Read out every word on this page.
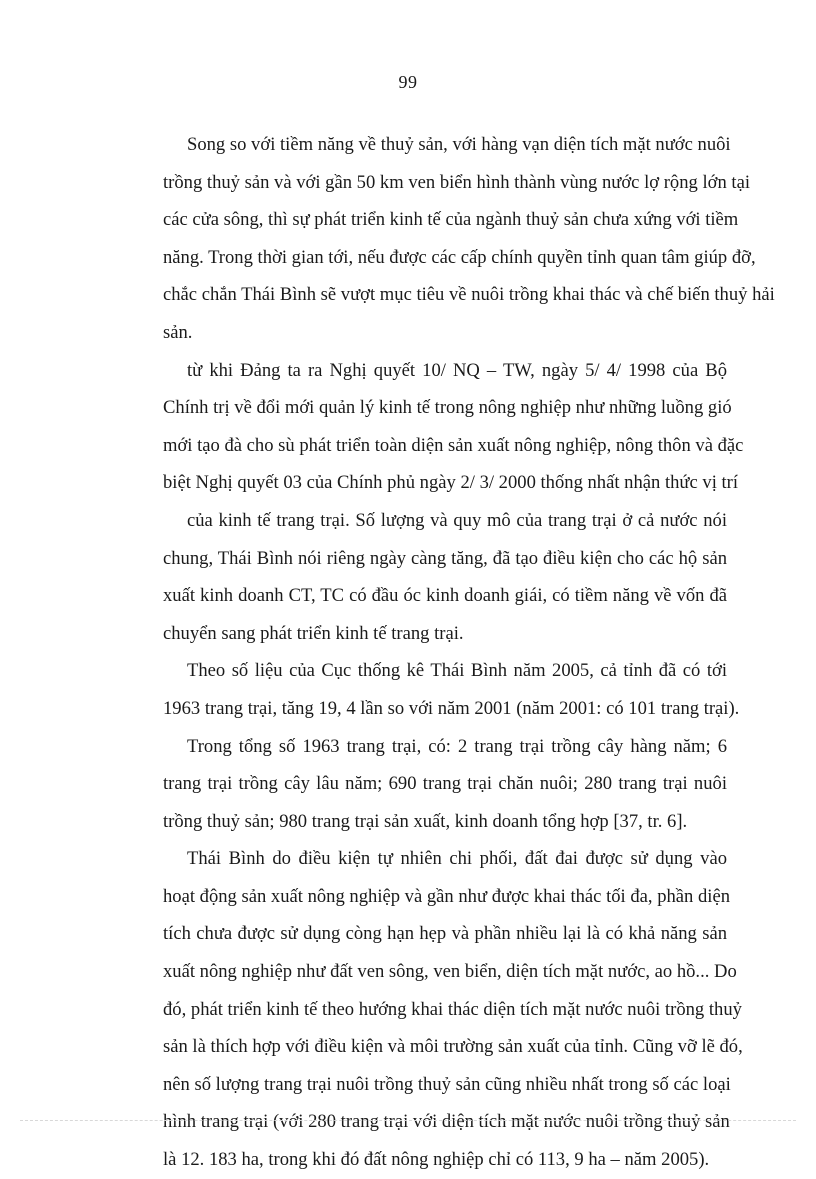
99
Song so với tiềm năng về thuỷ sản, với hàng vạn diện tích mặt nước nuôi
trồng thuỷ sản và với gần 50 km ven biển hình thành vùng nước lợ rộng lớn tại
các cửa sông, thì sự phát triển kinh tế của ngành thuỷ sản chưa xứng với tiềm
năng. Trong thời gian tới, nếu được các cấp chính quyền tỉnh quan tâm giúp đỡ,
chắc chắn Thái Bình sẽ vượt mục tiêu về nuôi trồng khai thác và chế biến thuỷ hải
sản.
từ khi Đảng ta ra Nghị quyết 10/ NQ – TW, ngày 5/ 4/ 1998 của Bộ
Chính trị về đổi mới quản lý kinh tế trong nông nghiệp như những luồng gió
mới tạo đà cho sù phát triển toàn diện sản xuất nông nghiệp, nông thôn và đặc
biệt Nghị quyết 03 của Chính phủ ngày 2/ 3/ 2000 thống nhất nhận thức vị trí
của kinh tế trang trại. Số lượng và quy mô của trang trại ở cả nước nói
chung, Thái Bình nói riêng ngày càng tăng, đã tạo điều kiện cho các hộ sản
xuất kinh doanh CT, TC có đầu óc kinh doanh giái, có tiềm năng về vốn đã
chuyển sang phát triển kinh tế trang trại.
Theo số liệu của Cục thống kê Thái Bình năm 2005, cả tỉnh đã có tới
1963 trang trại, tăng 19, 4 lần so với năm 2001 (năm 2001: có 101 trang trại).
Trong tổng số 1963 trang trại, có: 2 trang trại trồng cây hàng năm; 6
trang trại trồng cây lâu năm; 690 trang trại chăn nuôi; 280 trang trại nuôi
trồng thuỷ sản; 980 trang trại sản xuất, kinh doanh tổng hợp [37, tr. 6].
Thái Bình do điều kiện tự nhiên chi phối, đất đai được sử dụng vào
hoạt động sản xuất nông nghiệp và gần như được khai thác tối đa, phần diện
tích chưa được sử dụng còng hạn hẹp và phần nhiều lại là có khả năng sản
xuất nông nghiệp như đất ven sông, ven biển, diện tích mặt nước, ao hồ... Do
đó, phát triển kinh tế theo hướng khai thác diện tích mặt nước nuôi trồng thuỷ
sản là thích hợp với điều kiện và môi trường sản xuất của tỉnh. Cũng vỡ lẽ đó,
nên số lượng trang trại nuôi trồng thuỷ sản cũng nhiều nhất trong số các loại
hình trang trại (với 280 trang trại với diện tích mặt nước nuôi trồng thuỷ sản
là 12. 183 ha, trong khi đó đất nông nghiệp chỉ có 113, 9 ha – năm 2005).
